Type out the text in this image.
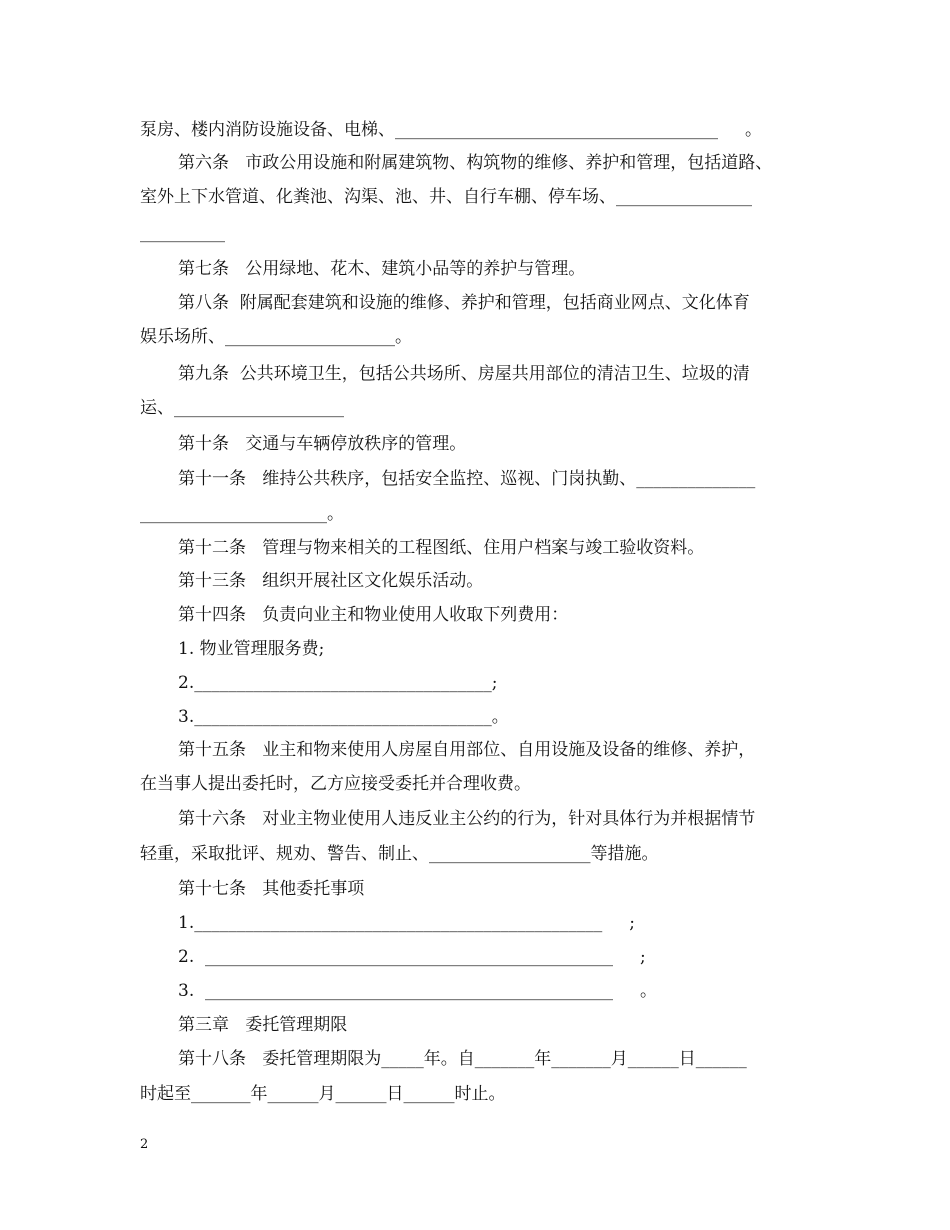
泵房、楼内消防设施设备、电梯、______________________________________     。
第六条   市政公用设施和附属建筑物、构筑物的维修、养护和管理，包括道路、
室外上下水管道、化粪池、沟渠、池、井、自行车棚、停车场、________________
__________
第七条   公用绿地、花木、建筑小品等的养护与管理。
第八条  附属配套建筑和设施的维修、养护和管理，包括商业网点、文化体育
娱乐场所、____________________。
第九条  公共环境卫生，包括公共场所、房屋共用部位的清洁卫生、垃圾的清
运、____________________
第十条   交通与车辆停放秩序的管理。
第十一条   维持公共秩序，包括安全监控、巡视、门岗执勤、______________
______________________。
第十二条   管理与物来相关的工程图纸、住用户档案与竣工验收资料。
第十三条   组织开展社区文化娱乐活动。
第十四条   负责向业主和物业使用人收取下列费用：
1. 物业管理服务费;
2.___________________________________;
3.___________________________________。
第十五条   业主和物来使用人房屋自用部位、自用设施及设备的维修、养护，
在当事人提出委托时，乙方应接受委托并合理收费。
第十六条   对业主物业使用人违反业主公约的行为，针对具体行为并根据情节
轻重，采取批评、规劝、警告、制止、___________________等措施。
第十七条   其他委托事项
1.________________________________________________     ;
2.  ________________________________________________     ;
3.  ________________________________________________     。
第三章   委托管理期限
第十八条   委托管理期限为_____年。自_______年_______月______日______
时起至_______年______月______日______时止。
2
